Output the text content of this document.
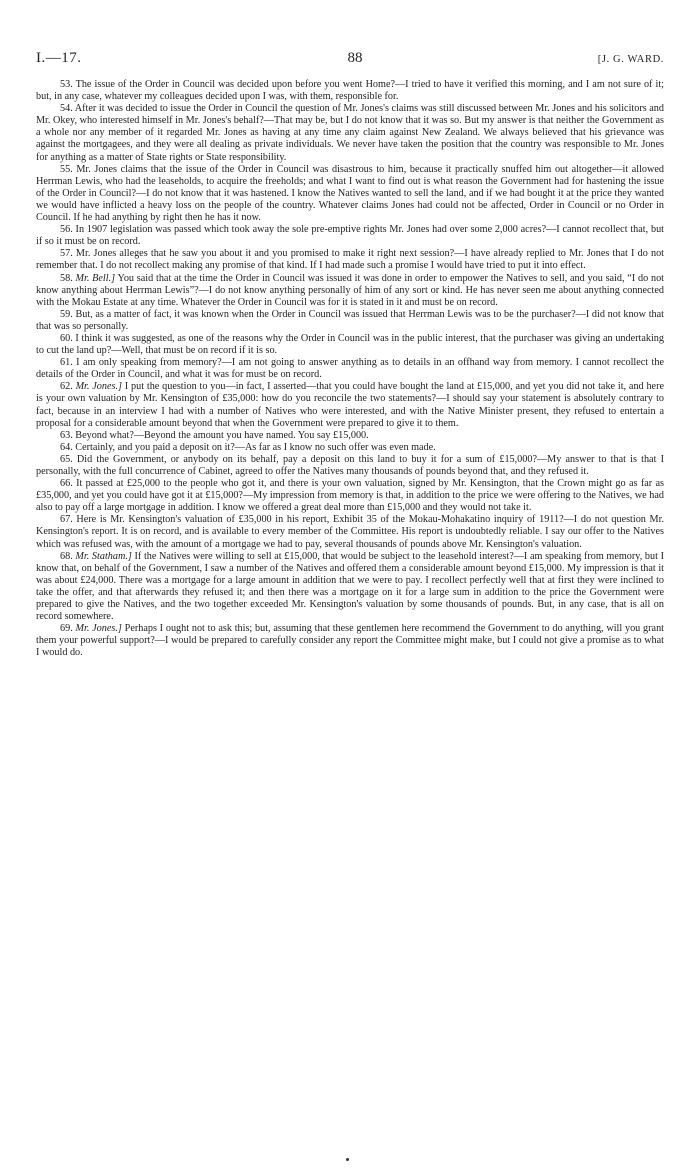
I.—17.	88	[J. G. WARD.

53. The issue of the Order in Council was decided upon before you went Home?—I tried to have it verified this morning, and I am not sure of it; but, in any case, whatever my colleagues decided upon I was, with them, responsible for.

54. After it was decided to issue the Order in Council the question of Mr. Jones's claims was still discussed between Mr. Jones and his solicitors and Mr. Okey, who interested himself in Mr. Jones's behalf?—That may be, but I do not know that it was so. But my answer is that neither the Government as a whole nor any member of it regarded Mr. Jones as having at any time any claim against New Zealand. We always believed that his grievance was against the mortgagees, and they were all dealing as private individuals. We never have taken the position that the country was responsible to Mr. Jones for anything as a matter of State rights or State responsibility.

55. Mr. Jones claims that the issue of the Order in Council was disastrous to him, because it practically snuffed him out altogether—it allowed Herrman Lewis, who had the leaseholds, to acquire the freeholds; and what I want to find out is what reason the Government had for hastening the issue of the Order in Council?—I do not know that it was hastened. I know the Natives wanted to sell the land, and if we had bought it at the price they wanted we would have inflicted a heavy loss on the people of the country. Whatever claims Jones had could not be affected, Order in Council or no Order in Council. If he had anything by right then he has it now.

56. In 1907 legislation was passed which took away the sole pre-emptive rights Mr. Jones had over some 2,000 acres?—I cannot recollect that, but if so it must be on record.

57. Mr. Jones alleges that he saw you about it and you promised to make it right next session?—I have already replied to Mr. Jones that I do not remember that. I do not recollect making any promise of that kind. If I had made such a promise I would have tried to put it into effect.

58. Mr. Bell.] You said that at the time the Order in Council was issued it was done in order to empower the Natives to sell, and you said, “I do not know anything about Herrman Lewis”?—I do not know anything personally of him of any sort or kind. He has never seen me about anything connected with the Mokau Estate at any time. Whatever the Order in Council was for it is stated in it and must be on record.

59. But, as a matter of fact, it was known when the Order in Council was issued that Herrman Lewis was to be the purchaser?—I did not know that that was so personally.

60. I think it was suggested, as one of the reasons why the Order in Council was in the public interest, that the purchaser was giving an undertaking to cut the land up?—Well, that must be on record if it is so.

61. I am only speaking from memory?—I am not going to answer anything as to details in an offhand way from memory. I cannot recollect the details of the Order in Council, and what it was for must be on record.

62. Mr. Jones.] I put the question to you—in fact, I asserted—that you could have bought the land at £15,000, and yet you did not take it, and here is your own valuation by Mr. Kensington of £35,000: how do you reconcile the two statements?—I should say your statement is absolutely contrary to fact, because in an interview I had with a number of Natives who were interested, and with the Native Minister present, they refused to entertain a proposal for a considerable amount beyond that when the Government were prepared to give it to them.

63. Beyond what?—Beyond the amount you have named. You say £15,000.

64. Certainly, and you paid a deposit on it?—As far as I know no such offer was even made.

65. Did the Government, or anybody on its behalf, pay a deposit on this land to buy it for a sum of £15,000?—My answer to that is that I personally, with the full concurrence of Cabinet, agreed to offer the Natives many thousands of pounds beyond that, and they refused it.

66. It passed at £25,000 to the people who got it, and there is your own valuation, signed by Mr. Kensington, that the Crown might go as far as £35,000, and yet you could have got it at £15,000?—My impression from memory is that, in addition to the price we were offering to the Natives, we had also to pay off a large mortgage in addition. I know we offered a great deal more than £15,000 and they would not take it.

67. Here is Mr. Kensington's valuation of £35,000 in his report, Exhibit 35 of the Mokau-Mohakatino inquiry of 1911?—I do not question Mr. Kensington's report. It is on record, and is available to every member of the Committee. His report is undoubtedly reliable. I say our offer to the Natives which was refused was, with the amount of a mortgage we had to pay, several thousands of pounds above Mr. Kensington's valuation.

68. Mr. Statham.] If the Natives were willing to sell at £15,000, that would be subject to the leasehold interest?—I am speaking from memory, but I know that, on behalf of the Government, I saw a number of the Natives and offered them a considerable amount beyond £15,000. My impression is that it was about £24,000. There was a mortgage for a large amount in addition that we were to pay. I recollect perfectly well that at first they were inclined to take the offer, and that afterwards they refused it; and then there was a mortgage on it for a large sum in addition to the price the Government were prepared to give the Natives, and the two together exceeded Mr. Kensington's valuation by some thousands of pounds. But, in any case, that is all on record somewhere.

69. Mr. Jones.] Perhaps I ought not to ask this; but, assuming that these gentlemen here recommend the Government to do anything, will you grant them your powerful support?—I would be prepared to carefully consider any report the Committee might make, but I could not give a promise as to what I would do.
